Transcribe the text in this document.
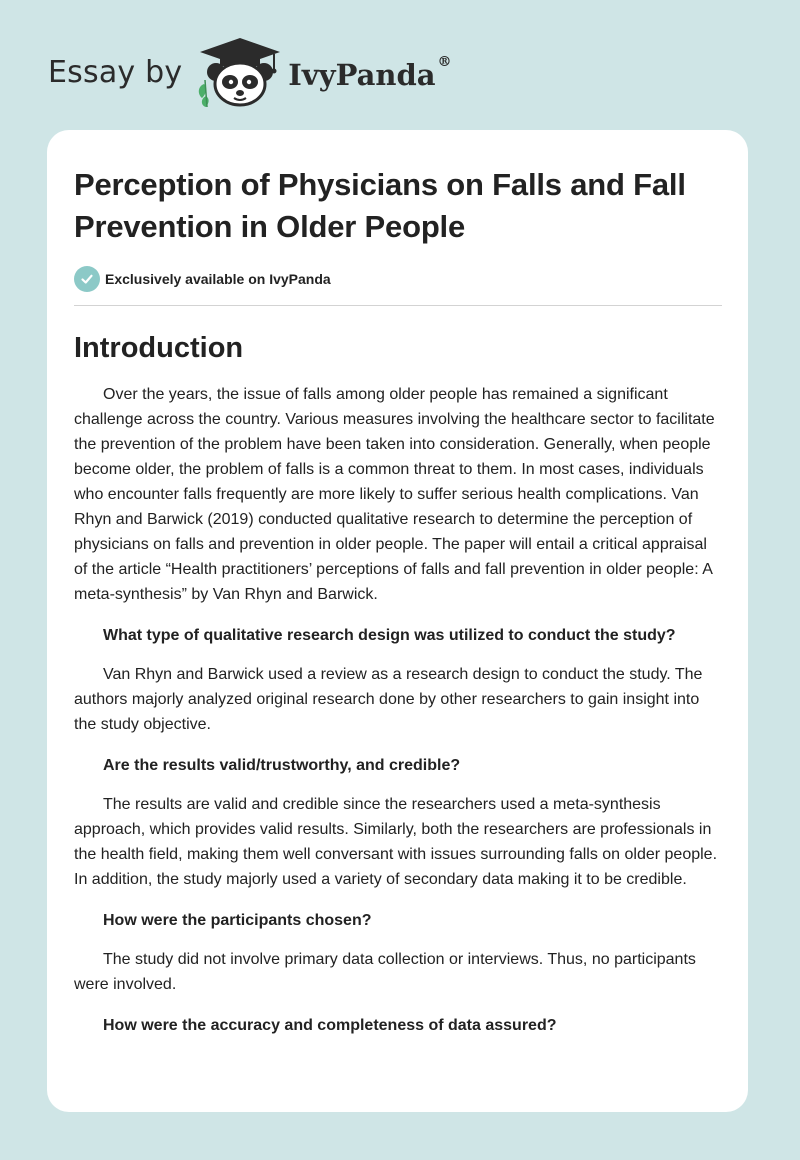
Essay by	IvyPanda ®
Perception of Physicians on Falls and Fall Prevention in Older People
Exclusively available on IvyPanda
Introduction

Over the years, the issue of falls among older people has remained a significant challenge across the country. Various measures involving the healthcare sector to facilitate the prevention of the problem have been taken into consideration. Generally, when people become older, the problem of falls is a common threat to them. In most cases, individuals who encounter falls frequently are more likely to suffer serious health complications. Van Rhyn and Barwick (2019) conducted qualitative research to determine the perception of physicians on falls and prevention in older people. The paper will entail a critical appraisal of the article “Health practitioners’ perceptions of falls and fall prevention in older people: A meta-synthesis” by Van Rhyn and Barwick.

What type of qualitative research design was utilized to conduct the study?

Van Rhyn and Barwick used a review as a research design to conduct the study. The authors majorly analyzed original research done by other researchers to gain insight into the study objective.

Are the results valid/trustworthy, and credible?

The results are valid and credible since the researchers used a meta-synthesis approach, which provides valid results. Similarly, both the researchers are professionals in the health field, making them well conversant with issues surrounding falls on older people. In addition, the study majorly used a variety of secondary data making it to be credible.

How were the participants chosen?

The study did not involve primary data collection or interviews. Thus, no participants were involved.

How were the accuracy and completeness of data assured?
